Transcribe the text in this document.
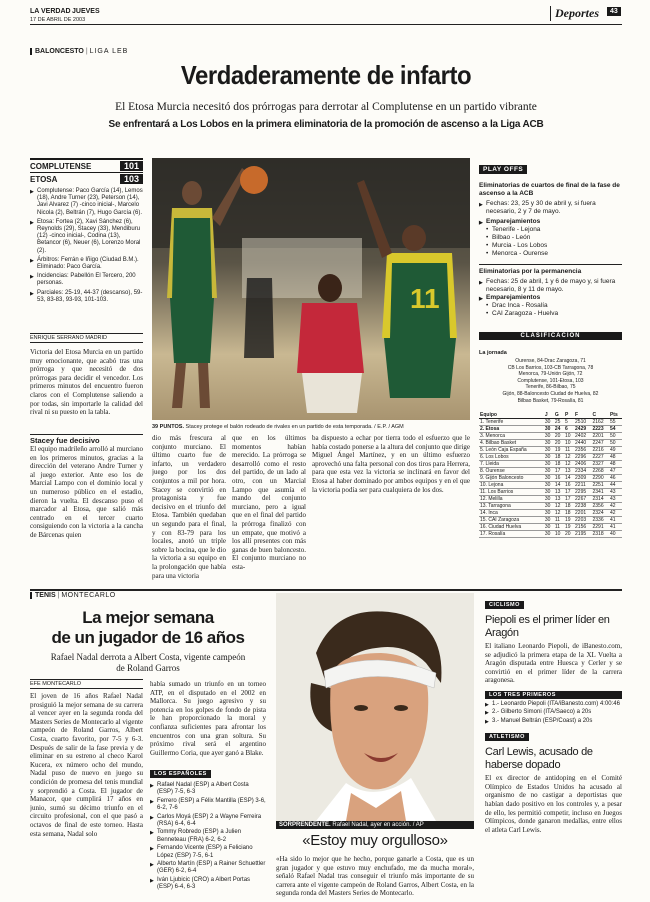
LA VERDAD JUEVES
17 DE ABRIL DE 2003	Deportes	43
BALONCESTO | LIGA LEB
Verdaderamente de infarto
El Etosa Murcia necesitó dos prórrogas para derrotar al Complutense en un partido vibrante
Se enfrentará a Los Lobos en la primera eliminatoria de la promoción de ascenso a la Liga ACB
COMPLUTENSE	101
ETOSA	103
▶ Complutense: Paco García (14), Lemos (18), Andre Turner (23), Peterson (14), Javi Alvarez (7) -cinco inicial-, Marcelo Nicola (2), Beltrán (7), Hugo García (6).
▶ Etosa: Fortea (2), Xavi Sánchez (6), Reynolds (29), Stacey (33), Mendiburu (12) -cinco inicial-, Codina (13), Betancor (6), Neuer (6), Lorenzo Moral (2).
▶ Árbitros: Ferrán e Iñigo (Ciudad B.M.). Eliminado: Paco García.
▶ Incidencias: Pabellón El Tercero, 200 personas.
▶ Parciales: 25-19, 44-37 (descanso), 59-53, 83-83, 93-93, 101-103.
ENRIQUE SERRANO MADRID
Victoria del Etosa Murcia en un partido muy emocionante, que acabó tras una prórroga y que necesitó de dos prórrogas para decidir el vencedor. Los primeros minutos del encuentro fueron claros con el Complutense saliendo a por todas, sin importarle la calidad del rival ni su puesto en la tabla.
11
39 PUNTOS. Stacey protege el balón rodeado de rivales en un partido de esta temporada. / E.P. / AGM
Stacey fue decisivo
El equipo madrileño arrolló al murciano en los primeros minutos, gracias a la dirección del veterano Andre Turner y al juego exterior. Ante eso los de Marcial Lampo con el dominio local y un numeroso público en el estadio, dieron la vuelta. El descanso puso el marcador al Etosa, que salió más centrado en el tercer cuarto consiguiendo con la victoria a la cancha de Bárcenas quien
dio más frescura al conjunto murciano. El último cuarto fue de infarto, un verdadero juego por los dos conjuntos a mil por hora. Stacey se convirtió en protagonista y fue decisivo en el triunfo del Etosa. También quedaban un segundo para el final, y con 83-79 para los locales, anotó un triple sobre la bocina, que le dio la victoria a su equipo en la prolongación que había para una victoria
que en los últimos momentos habían merecido. La prórroga se desarrolló como el resto del partido, de un lado al otro, con un Marcial Lampo que asumía el mando del conjunto murciano, pero a igual que en el final del partido la prórroga finalizó con un empate, que motivó a los allí presentes con más ganas de buen baloncesto. El conjunto murciano no esta-
ba dispuesto a echar por tierra todo el esfuerzo que le había costado ponerse a la altura del conjunto que dirige Miguel Ángel Martínez, y en un último esfuerzo aprovechó una falta personal con dos tiros para Herrera, para que esta vez la victoria se inclinará en favor del Etosa al haber dominado por ambos equipos y en el que la victoria podía ser para cualquiera de los dos.
PLAY OFFS
Eliminatorias de cuartos de final de la fase de ascenso a la ACB
▶ Fechas: 23, 25 y 30 de abril y, si fuera necesario, 2 y 7 de mayo.
▶ Emparejamientos
• Tenerife - Lejona
• Bilbao - León
• Murcia - Los Lobos
• Menorca - Ourense
Eliminatorias por la permanencia
▶ Fechas: 25 de abril, 1 y 6 de mayo y, si fuera necesario, 8 y 11 de mayo.
▶ Emparejamientos
• Drac Inca - Rosalía
• CAI Zaragoza - Huelva
CLASIFICACIÓN
La jornada
Ourense, 84-Drac Zaragoza, 71
CB Los Barrios, 103-CB Tarragona, 78
Menorca, 79-Unión Gijón, 72
Complutense, 101-Etosa, 103
Tenerife, 86-Bilbao, 75
Gijón, 88-Baloncesto Ciudad de Huelva, 82
Bilbao Basket, 79-Rosalía, 81
Equipo	J	G	P	F	C	Pts
1. Tenerife	30	25	5	2510	2162	55
2. Etosa	30	24	6	2429	2223	54
3. Menorca	30	20	10	2402	2201	50
4. Bilbao Basket	30	20	10	2440	2247	50
5. León Caja España	30	19	11	2356	2216	49
6. Los Lobos	30	18	12	2296	2227	48
7. Lleida	30	18	12	2406	2327	48
8. Ourense	30	17	13	2334	2268	47
9. Gijón Baloncesto	30	16	14	2309	2290	46
10. Lejona	30	14	16	2211	2251	44
11. Los Barrios	30	13	17	2295	2341	43
12. Melilla	30	13	17	2267	2314	43
13. Tarragona	30	12	18	2238	2356	42
14. Inca	30	12	18	2201	2324	42
15. CAI Zaragoza	30	11	19	2203	2336	41
16. Ciudad Huelva	30	11	19	2156	2291	41
17. Rosalía	30	10	20	2195	2318	40
TENIS | MONTECARLO
La mejor semana
de un jugador de 16 años
Rafael Nadal derrota a Albert Costa, vigente campeón de Roland Garros
EFE MONTECARLO
El joven de 16 años Rafael Nadal prosiguió la mejor semana de su carrera al vencer ayer en la segunda ronda del Masters Series de Montecarlo al vigente campeón de Roland Garros, Albert Costa, cuarto favorito, por 7-5 y 6-3. Después de salir de la fase previa y de eliminar en su estreno al checo Karol Kucera, ex número ocho del mundo, Nadal puso de nuevo en juego su condición de promesa del tenis mundial y sorprendió a Costa. El jugador de Manacor, que cumplirá 17 años en junio, sumó su décimo triunfo en el circuito profesional, con el que pasó a octavos de final de este torneo. Hasta esta semana, Nadal solo
había sumado un triunfo en un torneo ATP, en el disputado en el 2002 en Mallorca. Su juego agresivo y su potencia en los golpes de fondo de pista le han proporcionado la moral y confianza suficientes para afrontar los encuentros con una gran soltura. Su próximo rival será el argentino Guillermo Coria, que ayer ganó a Blake.
LOS ESPAÑOLES
▶ Rafael Nadal (ESP) a Albert Costa (ESP) 7-5, 6-3
▶ Ferrero (ESP) a Félix Mantilla (ESP) 3-6, 6-2, 7-6
▶ Carlos Moyá (ESP) 2 a Wayne Ferreira (RSA) 6-4, 6-4
▶ Tommy Robredo (ESP) a Julien Benneteau (FRA) 6-2, 6-2
▶ Fernando Vicente (ESP) a Feliciano López (ESP) 7-5, 6-1
▶ Alberto Martín (ESP) a Rainer Schuettler (GER) 6-2, 6-4
▶ Iván Ljubicic (CRO) a Albert Portas (ESP) 6-4, 6-3
SORPRENDENTE. Rafael Nadal, ayer en acción. / AP
«Estoy muy orgulloso»
«Ha sido lo mejor que he hecho, porque ganarle a Costa, que es un gran jugador y que estuvo muy enchufado, me da mucha moral», señaló Rafael Nadal tras conseguir el triunfo más importante de su carrera ante el vigente campeón de Roland Garros, Albert Costa, en la segunda ronda del Masters Series de Montecarlo.
CICLISMO
Piepoli es el primer líder en Aragón
El italiano Leonardo Piepoli, de iBanesto.com, se adjudicó la primera etapa de la XL Vuelta a Aragón disputada entre Huesca y Cerler y se convirtió en el primer líder de la carrera aragonesa.
LOS TRES PRIMEROS
▶ 1.- Leonardo Piepoli (ITA/iBanesto.com) 4:00:46
▶ 2.- Gilberto Simoni (ITA/Saeco) a 20s
▶ 3.- Manuel Beltrán (ESP/Coast) a 20s
ATLETISMO
Carl Lewis, acusado de haberse dopado
El ex director de antidoping en el Comité Olímpico de Estados Unidos ha acusado al organismo de no castigar a deportistas que habían dado positivo en los controles y, a pesar de ello, les permitió competir, incluso en Juegos Olímpicos, donde ganaron medallas, entre ellos el atleta Carl Lewis.
